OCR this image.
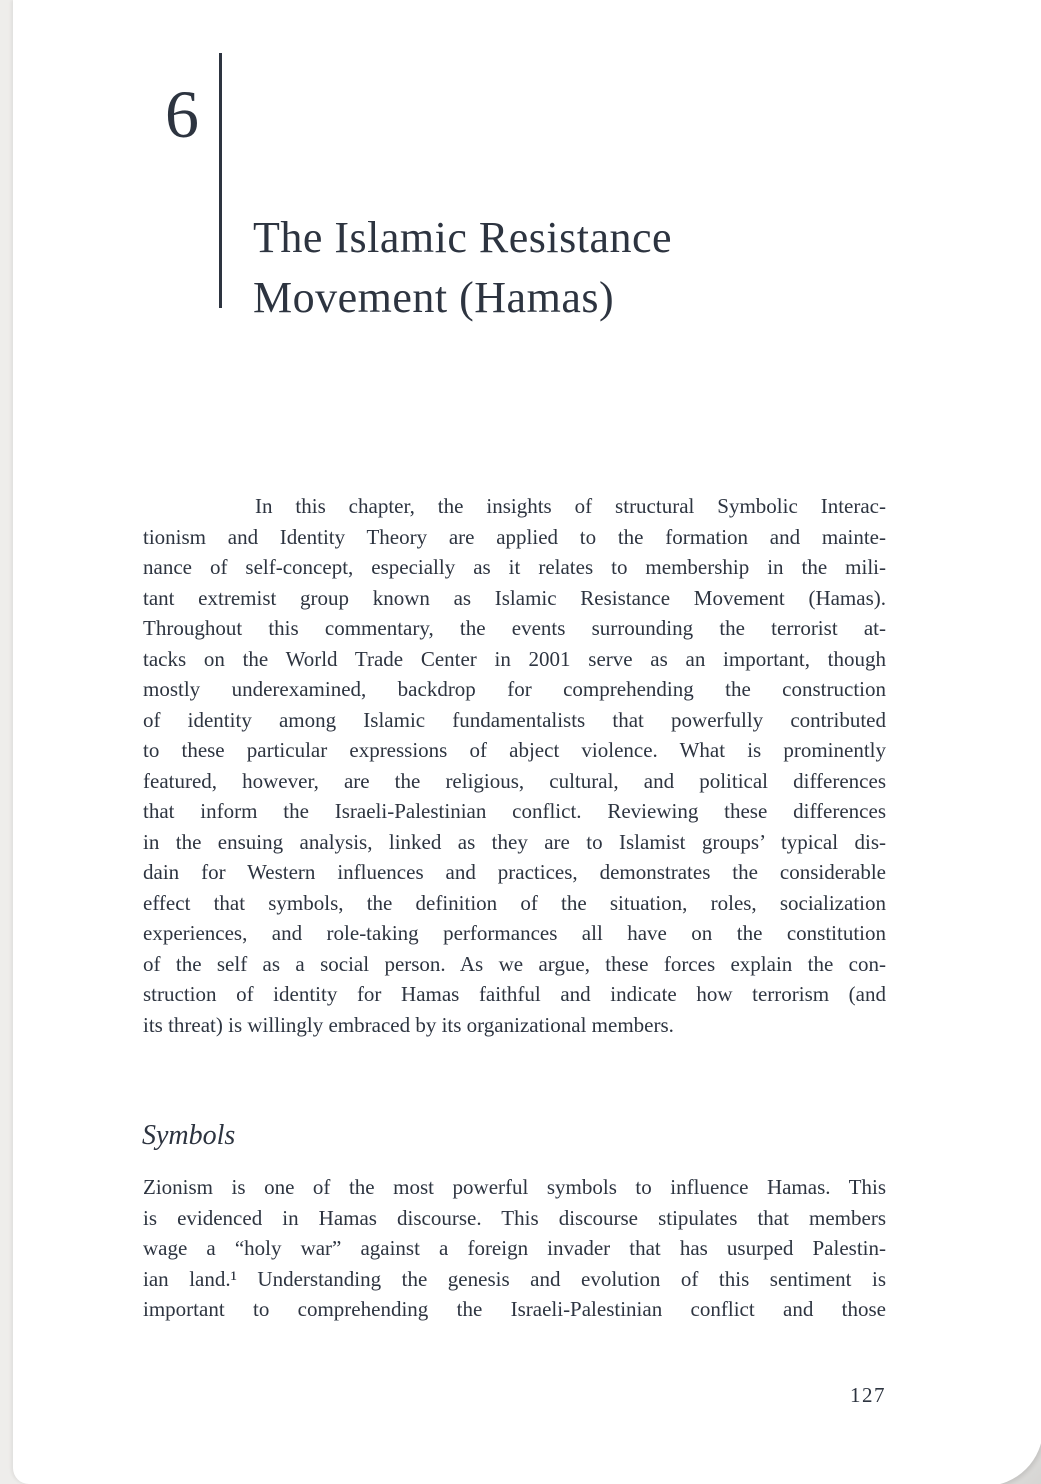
6
The Islamic Resistance
Movement (Hamas)
In this chapter, the insights of structural Symbolic Interac-
tionism and Identity Theory are applied to the formation and mainte-
nance of self-concept, especially as it relates to membership in the mili-
tant extremist group known as Islamic Resistance Movement (Hamas).
Throughout this commentary, the events surrounding the terrorist at-
tacks on the World Trade Center in 2001 serve as an important, though
mostly underexamined, backdrop for comprehending the construction
of identity among Islamic fundamentalists that powerfully contributed
to these particular expressions of abject violence. What is prominently
featured, however, are the religious, cultural, and political differences
that inform the Israeli-Palestinian conflict. Reviewing these differences
in the ensuing analysis, linked as they are to Islamist groups’ typical dis-
dain for Western influences and practices, demonstrates the considerable
effect that symbols, the definition of the situation, roles, socialization
experiences, and role-taking performances all have on the constitution
of the self as a social person. As we argue, these forces explain the con-
struction of identity for Hamas faithful and indicate how terrorism (and
its threat) is willingly embraced by its organizational members.
Symbols
Zionism is one of the most powerful symbols to influence Hamas. This
is evidenced in Hamas discourse. This discourse stipulates that members
wage a “holy war” against a foreign invader that has usurped Palestin-
ian land.¹ Understanding the genesis and evolution of this sentiment is
important to comprehending the Israeli-Palestinian conflict and those
127
